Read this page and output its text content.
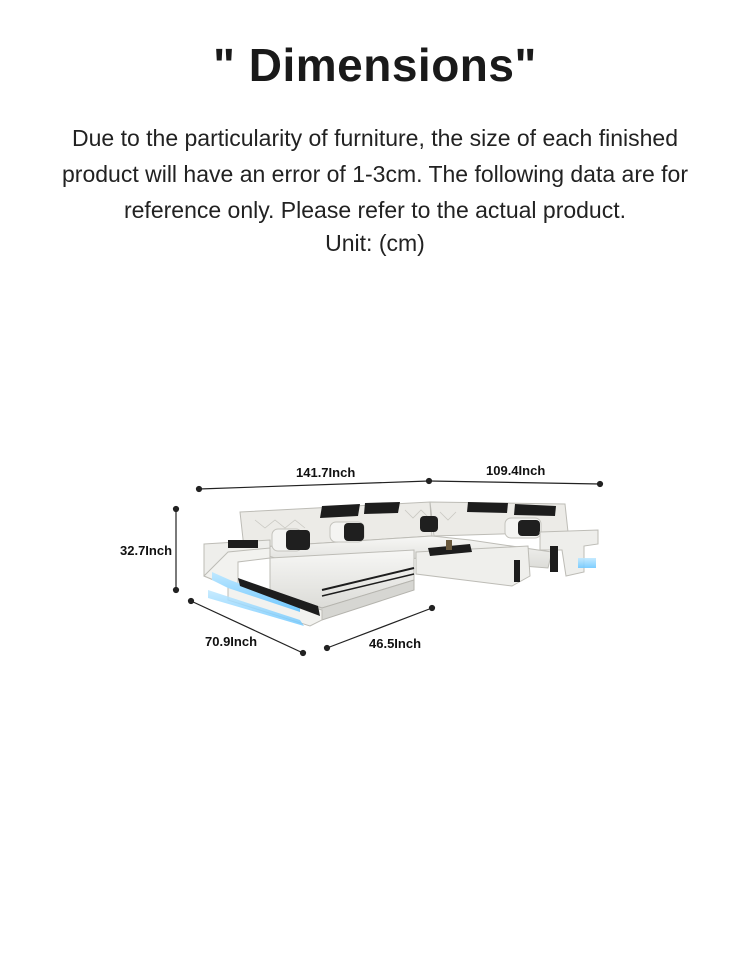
" Dimensions"

Due to the particularity of furniture, the size of each finished product will have an error of 1-3cm. The following data are for reference only. Please refer to the actual product.

Unit: (cm)

141.7Inch	109.4Inch
32.7Inch
70.9Inch	46.5Inch
